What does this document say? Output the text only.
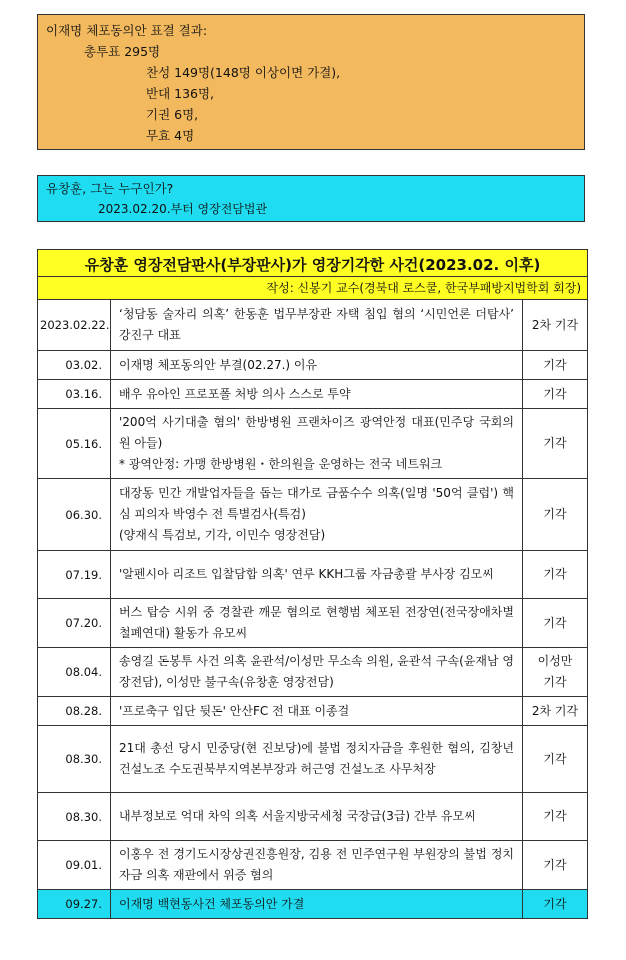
이재명 체포동의안 표결 결과:
총투표 295명
찬성 149명(148명 이상이면 가결),
반대 136명,
기권 6명,
무효 4명
유창훈, 그는 누구인가?
2023.02.20.부터 영장전담법관
유창훈 영장전담판사(부장판사)가 영장기각한 사건(2023.02. 이후)		
작성: 신봉기 교수(경북대 로스쿨, 한국부패방지법학회 회장)		
2023.02.22.	‘청담동 술자리 의혹’ 한동훈 법무부장관 자택 침입 혐의 ‘시민언론 더탐사’ 강진구 대표	2차 기각
03.02.	이재명 체포동의안 부결(02.27.) 이유	기각
03.16.	배우 유아인 프로포폴 처방 의사 스스로 투약	기각
05.16.	'200억 사기대출 혐의' 한방병원 프랜차이즈 광역안정 대표(민주당 국회의원 아들)
* 광역안정: 가맹 한방병원・한의원을 운영하는 전국 네트워크	기각
06.30.	대장동 민간 개발업자들을 돕는 대가로 금품수수 의혹(일명 '50억 클럽') 핵심 피의자 박영수 전 특별검사(특검)
(양재식 특검보, 기각, 이민수 영장전담)	기각
07.19.	'알펜시아 리조트 입찰담합 의혹' 연루 KKH그룹 자금총괄 부사장 김모씨	기각
07.20.	버스 탑승 시위 중 경찰관 깨문 혐의로 현행범 체포된 전장연(전국장애차별철폐연대) 활동가 유모씨	기각
08.04.	송영길 돈봉투 사건 의혹 윤관석/이성만 무소속 의원, 윤관석 구속(윤재남 영장전담), 이성만 불구속(유창훈 영장전담)	이성만 기각
08.28.	'프로축구 입단 뒷돈' 안산FC 전 대표 이종걸	2차 기각
08.30.	21대 총선 당시 민중당(현 진보당)에 불법 정치자금을 후원한 혐의, 김창년 건설노조 수도권북부지역본부장과 허근영 건설노조 사무처장	기각
08.30.	내부정보로 억대 차익 의혹 서울지방국세청 국장급(3급) 간부 유모씨	기각
09.01.	이홍우 전 경기도시장상권진흥원장, 김용 전 민주연구원 부원장의 불법 정치자금 의혹 재판에서 위증 혐의	기각
09.27.	이재명 백현동사건 체포동의안 가결	기각
